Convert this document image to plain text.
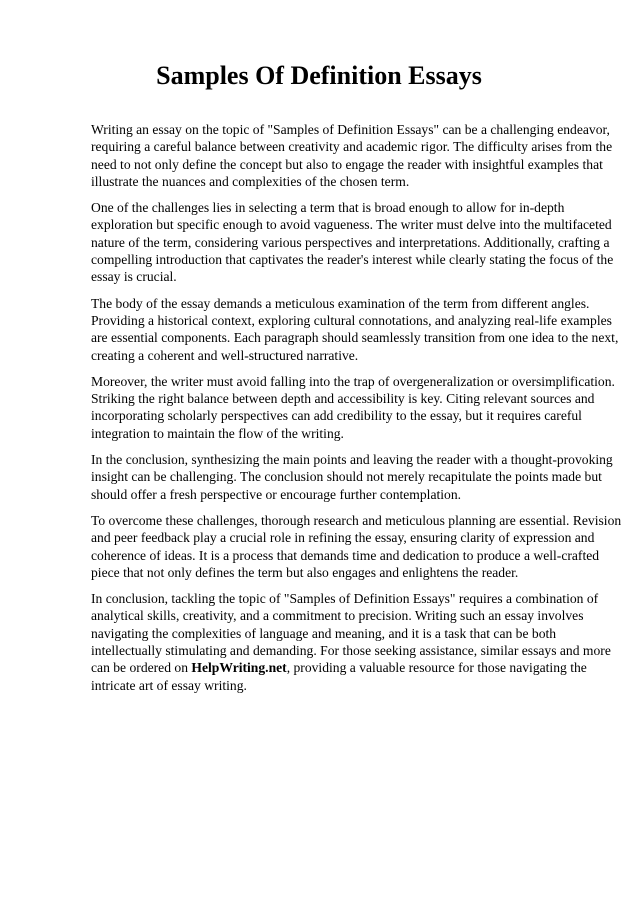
Samples Of Definition Essays

Writing an essay on the topic of "Samples of Definition Essays" can be a challenging endeavor,
requiring a careful balance between creativity and academic rigor. The difficulty arises from the
need to not only define the concept but also to engage the reader with insightful examples that
illustrate the nuances and complexities of the chosen term.

One of the challenges lies in selecting a term that is broad enough to allow for in-depth
exploration but specific enough to avoid vagueness. The writer must delve into the multifaceted
nature of the term, considering various perspectives and interpretations. Additionally, crafting a
compelling introduction that captivates the reader's interest while clearly stating the focus of the
essay is crucial.

The body of the essay demands a meticulous examination of the term from different angles.
Providing a historical context, exploring cultural connotations, and analyzing real-life examples
are essential components. Each paragraph should seamlessly transition from one idea to the next,
creating a coherent and well-structured narrative.

Moreover, the writer must avoid falling into the trap of overgeneralization or oversimplification.
Striking the right balance between depth and accessibility is key. Citing relevant sources and
incorporating scholarly perspectives can add credibility to the essay, but it requires careful
integration to maintain the flow of the writing.

In the conclusion, synthesizing the main points and leaving the reader with a thought-provoking
insight can be challenging. The conclusion should not merely recapitulate the points made but
should offer a fresh perspective or encourage further contemplation.

To overcome these challenges, thorough research and meticulous planning are essential. Revision
and peer feedback play a crucial role in refining the essay, ensuring clarity of expression and
coherence of ideas. It is a process that demands time and dedication to produce a well-crafted
piece that not only defines the term but also engages and enlightens the reader.

In conclusion, tackling the topic of "Samples of Definition Essays" requires a combination of
analytical skills, creativity, and a commitment to precision. Writing such an essay involves
navigating the complexities of language and meaning, and it is a task that can be both
intellectually stimulating and demanding. For those seeking assistance, similar essays and more
can be ordered on HelpWriting.net, providing a valuable resource for those navigating the
intricate art of essay writing.
